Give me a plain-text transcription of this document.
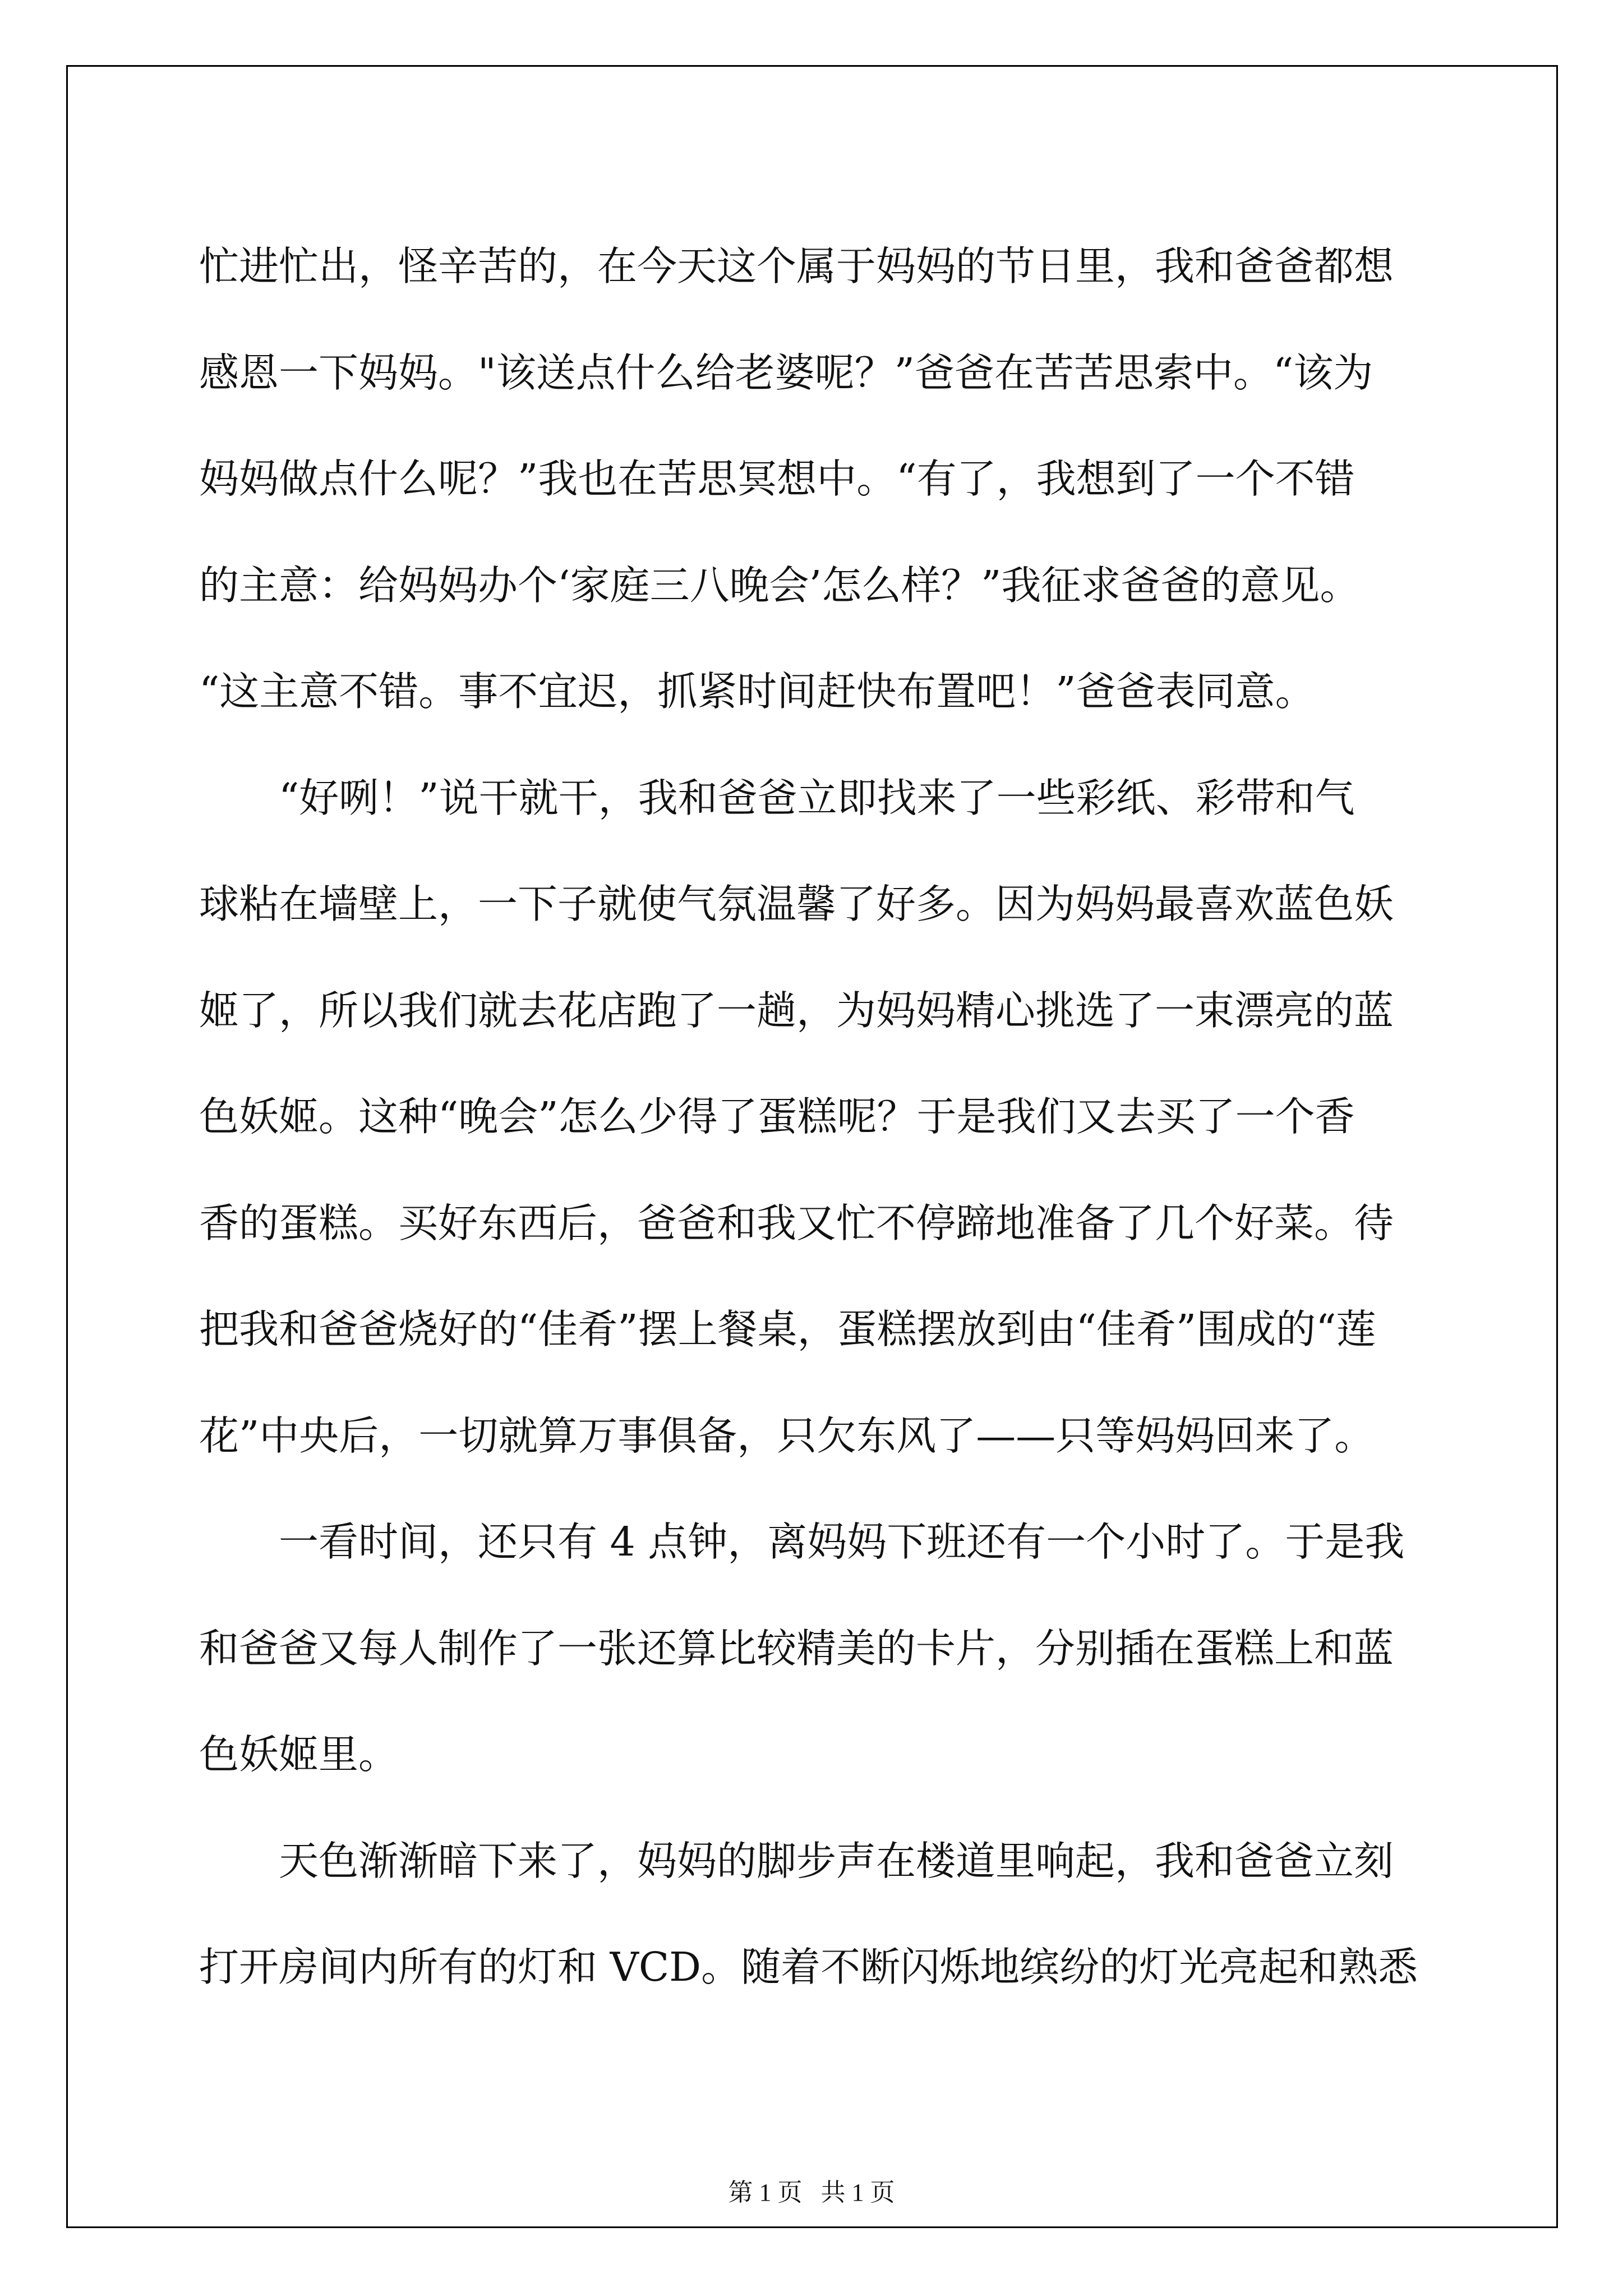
忙进忙出，怪辛苦的，在今天这个属于妈妈的节日里，我和爸爸都想
感恩一下妈妈。"该送点什么给老婆呢？”爸爸在苦苦思索中。“该为
妈妈做点什么呢？”我也在苦思冥想中。“有了，我想到了一个不错
的主意：给妈妈办个‘家庭三八晚会’怎么样？”我征求爸爸的意见。
“这主意不错。事不宜迟，抓紧时间赶快布置吧！”爸爸表同意。
“好咧！”说干就干，我和爸爸立即找来了一些彩纸、彩带和气
球粘在墙壁上，一下子就使气氛温馨了好多。因为妈妈最喜欢蓝色妖
姬了，所以我们就去花店跑了一趟，为妈妈精心挑选了一束漂亮的蓝
色妖姬。这种“晚会”怎么少得了蛋糕呢？于是我们又去买了一个香
香的蛋糕。买好东西后，爸爸和我又忙不停蹄地准备了几个好菜。待
把我和爸爸烧好的“佳肴”摆上餐桌，蛋糕摆放到由“佳肴”围成的“莲
花”中央后，一切就算万事俱备，只欠东风了——只等妈妈回来了。
一看时间，还只有 4 点钟，离妈妈下班还有一个小时了。于是我
和爸爸又每人制作了一张还算比较精美的卡片，分别插在蛋糕上和蓝
色妖姬里。
天色渐渐暗下来了，妈妈的脚步声在楼道里响起，我和爸爸立刻
打开房间内所有的灯和 VCD。随着不断闪烁地缤纷的灯光亮起和熟悉
第 1 页   共 1 页
